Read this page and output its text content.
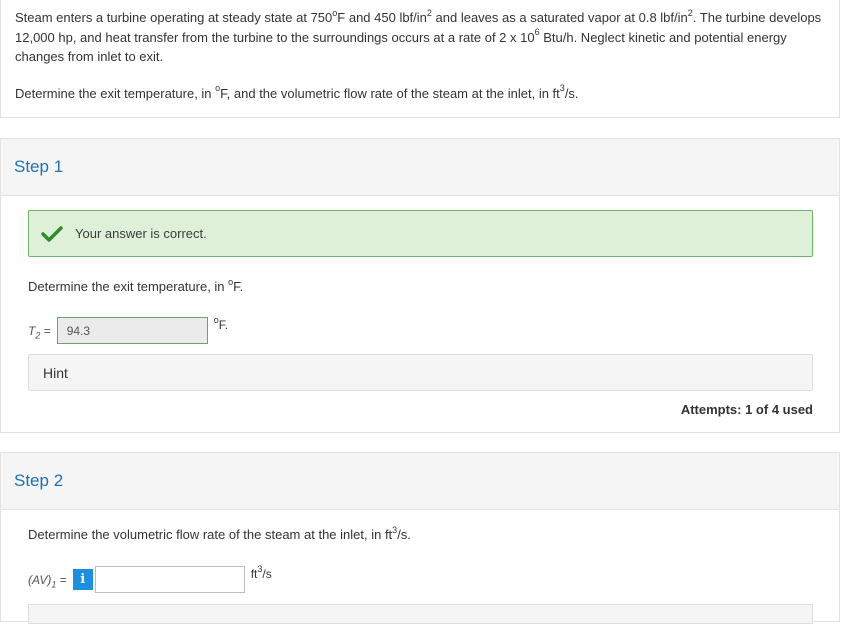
Steam enters a turbine operating at steady state at 750$^o$F and 450 lbf/$in^2$ and leaves as a saturated vapor at 0.8 lbf/$in^2$. The turbine develops 12,000 hp, and heat transfer from the turbine to the surroundings occurs at a rate of 2 x $10^6$ Btu/h. Neglect kinetic and potential energy changes from inlet to exit.
Determine the exit temperature, in $^o$F, and the volumetric flow rate of the steam at the inlet, in $ft^3/s$.
Step 1
Your answer is correct.
Determine the exit temperature, in $^o$F.
$T_2 = 94.3$
$^o$F.
Hint
Attempts: 1 of 4 used
Step 2
Determine the volumetric flow rate of the steam at the inlet, in $ft^3/s$.
$(AV)_1$ =	i	$ft^3/s$
